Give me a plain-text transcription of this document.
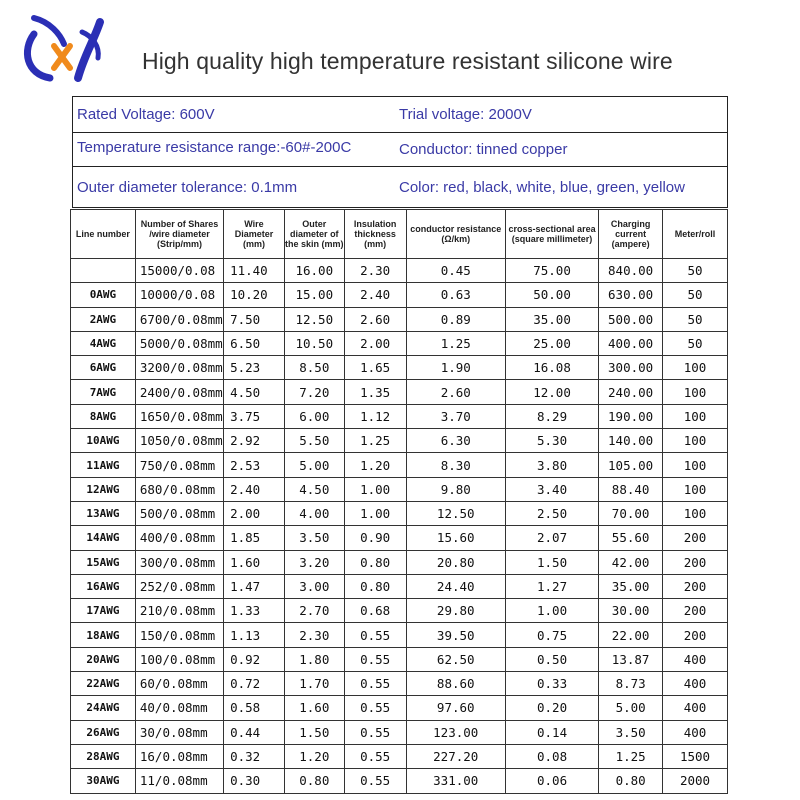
High quality high temperature resistant silicone wire
Rated Voltage: 600V	Trial voltage: 2000V
Temperature resistance range:-60#-200C	Conductor: tinned copper
Outer diameter tolerance: 0.1mm	Color: red, black, white, blue, green, yellow
Line number	Number of Shares /wire diameter (Strip/mm)	Wire Diameter (mm)	Outer diameter of the skin (mm)	Insulation thickness (mm)	conductor resistance (Ω/km)	cross-sectional area (square millimeter)	Charging current (ampere)	Meter/roll
	15000/0.08	11.40	16.00	2.30	0.45	75.00	840.00	50
0AWG	10000/0.08	10.20	15.00	2.40	0.63	50.00	630.00	50
2AWG	6700/0.08mm	7.50	12.50	2.60	0.89	35.00	500.00	50
4AWG	5000/0.08mm	6.50	10.50	2.00	1.25	25.00	400.00	50
6AWG	3200/0.08mm	5.23	8.50	1.65	1.90	16.08	300.00	100
7AWG	2400/0.08mm	4.50	7.20	1.35	2.60	12.00	240.00	100
8AWG	1650/0.08mm	3.75	6.00	1.12	3.70	8.29	190.00	100
10AWG	1050/0.08mm	2.92	5.50	1.25	6.30	5.30	140.00	100
11AWG	750/0.08mm	2.53	5.00	1.20	8.30	3.80	105.00	100
12AWG	680/0.08mm	2.40	4.50	1.00	9.80	3.40	88.40	100
13AWG	500/0.08mm	2.00	4.00	1.00	12.50	2.50	70.00	100
14AWG	400/0.08mm	1.85	3.50	0.90	15.60	2.07	55.60	200
15AWG	300/0.08mm	1.60	3.20	0.80	20.80	1.50	42.00	200
16AWG	252/0.08mm	1.47	3.00	0.80	24.40	1.27	35.00	200
17AWG	210/0.08mm	1.33	2.70	0.68	29.80	1.00	30.00	200
18AWG	150/0.08mm	1.13	2.30	0.55	39.50	0.75	22.00	200
20AWG	100/0.08mm	0.92	1.80	0.55	62.50	0.50	13.87	400
22AWG	60/0.08mm	0.72	1.70	0.55	88.60	0.33	8.73	400
24AWG	40/0.08mm	0.58	1.60	0.55	97.60	0.20	5.00	400
26AWG	30/0.08mm	0.44	1.50	0.55	123.00	0.14	3.50	400
28AWG	16/0.08mm	0.32	1.20	0.55	227.20	0.08	1.25	1500
30AWG	11/0.08mm	0.30	0.80	0.55	331.00	0.06	0.80	2000
